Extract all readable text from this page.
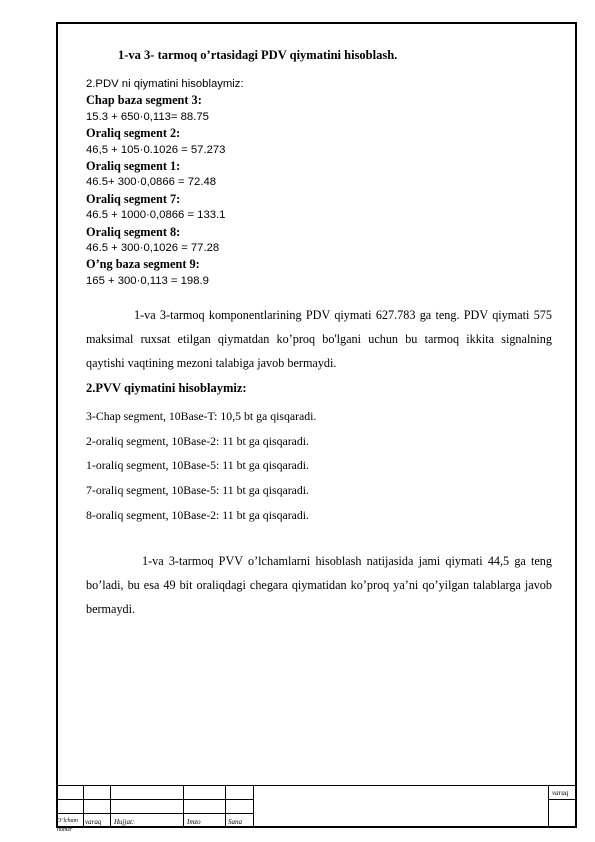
1-va 3- tarmoq o’rtasidagi PDV qiymatini hisoblash.
2.PDV ni qiymatini hisoblaymiz:
Chap baza segment 3:
15.3 + 650·0,113= 88.75
Oraliq segment 2:
46,5 + 105·0.1026 = 57.273
Oraliq segment 1:
46.5+ 300·0,0866 = 72.48
Oraliq segment 7:
46.5 + 1000·0,0866 = 133.1
Oraliq segment 8:
46.5 + 300·0,1026 = 77.28
O’ng baza segment 9:
165 + 300·0,113 = 198.9
1-va 3-tarmoq komponentlarining PDV qiymati 627.783 ga teng. PDV qiymati 575 maksimal ruxsat etilgan qiymatdan ko’proq bo'lgani uchun bu tarmoq ikkita signalning qaytishi vaqtining mezoni talabiga javob bermaydi.
2.PVV qiymatini hisoblaymiz:
3-Chap segment, 10Base-T: 10,5 bt ga qisqaradi.
2-oraliq segment, 10Base-2: 11 bt ga qisqaradi.
1-oraliq segment, 10Base-5: 11 bt ga qisqaradi.
7-oraliq segment, 10Base-5: 11 bt ga qisqaradi.
8-oraliq segment, 10Base-2: 11 bt ga qisqaradi.
1-va 3-tarmoq PVV o’lchamlarni hisoblash natijasida jami qiymati 44,5 ga teng bo’ladi, bu esa 49 bit oraliqdagi chegara qiymatidan ko’proq ya’ni qo’yilgan talablarga javob bermaydi.
O’lcham
nomer
varaq Hujjat:	Imzo	Sana
varaq
